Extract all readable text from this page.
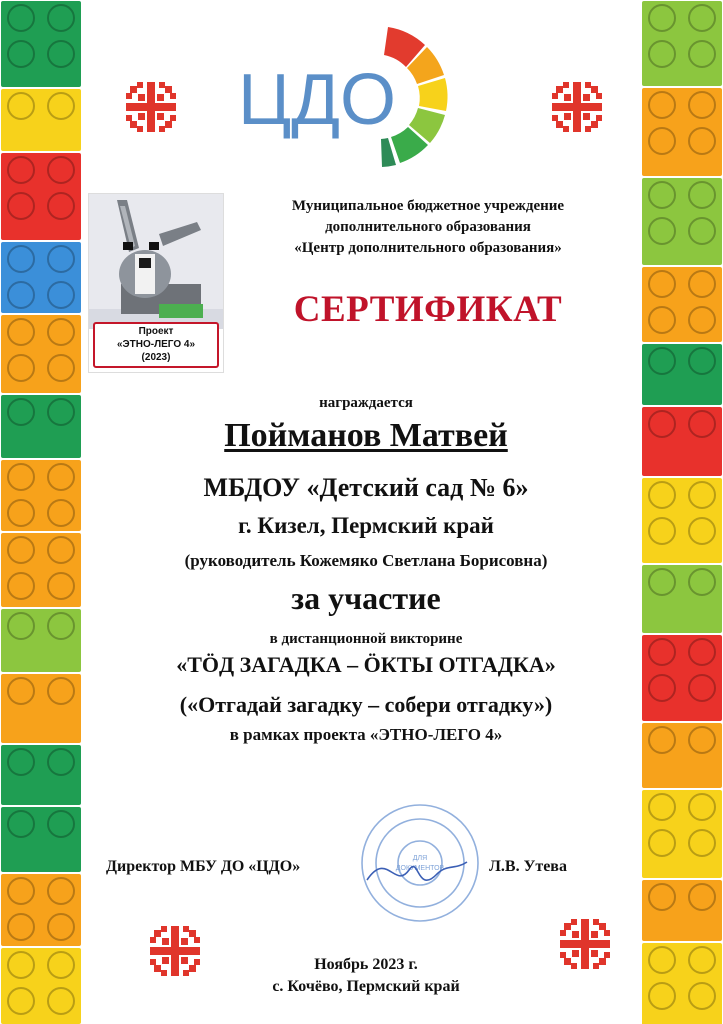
ЦДО
Проект
«ЭТНО-ЛЕГО 4»
(2023)
Муниципальное бюджетное учреждение
дополнительного образования
«Центр дополнительного образования»
СЕРТИФИКАТ
награждается
Пойманов Матвей
МБДОУ «Детский сад № 6»
г. Кизел, Пермский край
(руководитель Кожемяко Светлана Борисовна)
за участие
в дистанционной викторине
«ТӦД ЗАГАДКА – ӦКТЫ ОТГАДКА»
(«Отгадай загадку – собери отгадку»)
в рамках проекта «ЭТНО-ЛЕГО 4»
ДЛЯ
ДОКУМЕНТОВ
Директор МБУ ДО «ЦДО»	Л.В. Утева
Ноябрь 2023 г.
с. Кочёво, Пермский край
